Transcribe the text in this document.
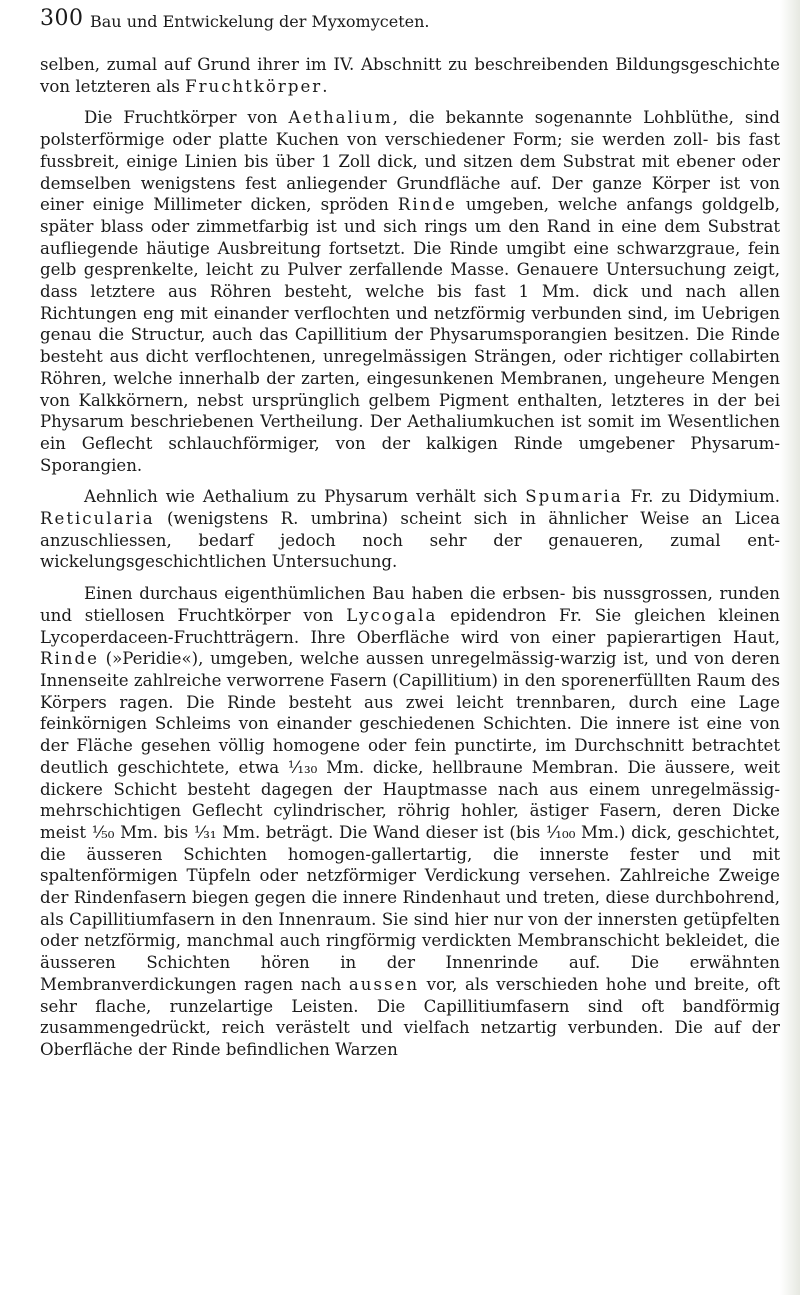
300 Bau und Entwickelung der Myxomyceten.

selben, zumal auf Grund ihrer im IV. Abschnitt zu beschreibenden Bildungsgeschichte von letzteren als Fruchtkörper.

Die Fruchtkörper von Aethalium, die bekannte sogenannte Lohblüthe, sind polsterförmige oder platte Kuchen von verschiedener Form; sie werden zoll- bis fast fussbreit, einige Linien bis über 1 Zoll dick, und sitzen dem Substrat mit ebener oder demselben wenigstens fest anliegender Grundfläche auf. Der ganze Körper ist von einer einige Millimeter dicken, spröden Rinde umgeben, welche anfangs goldgelb, später blass oder zimmetfarbig ist und sich rings um den Rand in eine dem Substrat aufliegende häutige Ausbreitung fortsetzt. Die Rinde umgibt eine schwarzgraue, fein gelb gesprenkelte, leicht zu Pulver zerfallende Masse. Genauere Untersuchung zeigt, dass letztere aus Röhren besteht, welche bis fast 1 Mm. dick und nach allen Richtungen eng mit einander verflochten und netzförmig verbunden sind, im Uebrigen genau die Structur, auch das Capillitium der Physarumsporangien besitzen. Die Rinde besteht aus dicht verflochtenen, unregelmässigen Strängen, oder richtiger collabirten Röhren, welche innerhalb der zarten, eingesunkenen Membranen, ungeheure Mengen von Kalkkörnern, nebst ursprünglich gelbem Pigment enthalten, letzteres in der bei Physarum beschriebenen Vertheilung. Der Aethaliumkuchen ist somit im Wesentlichen ein Geflecht schlauchförmiger, von der kalkigen Rinde umgebener Physarum-Sporangien.

Aehnlich wie Aethalium zu Physarum verhält sich Spumaria Fr. zu Didymium. Reticularia (wenigstens R. umbrina) scheint sich in ähnlicher Weise an Licea anzuschliessen, bedarf jedoch noch sehr der genaueren, zumal entwickelungsgeschichtlichen Untersuchung.

Einen durchaus eigenthümlichen Bau haben die erbsen- bis nussgrossen, runden und stiellosen Fruchtkörper von Lycogala epidendron Fr. Sie gleichen kleinen Lycoperdaceen-Fruchtträgern. Ihre Oberfläche wird von einer papierartigen Haut, Rinde (»Peridie«), umgeben, welche aussen unregelmässig-warzig ist, und von deren Innenseite zahlreiche verworrene Fasern (Capillitium) in den sporenerfüllten Raum des Körpers ragen. Die Rinde besteht aus zwei leicht trennbaren, durch eine Lage feinkörnigen Schleims von einander geschiedenen Schichten. Die innere ist eine von der Fläche gesehen völlig homogene oder fein punctirte, im Durchschnitt betrachtet deutlich geschichtete, etwa ¹⁄₁₃₀ Mm. dicke, hellbraune Membran. Die äussere, weit dickere Schicht besteht dagegen der Hauptmasse nach aus einem unregelmässig-mehrschichtigen Geflecht cylindrischer, röhrig hohler, ästiger Fasern, deren Dicke meist ¹⁄₅₀ Mm. bis ¹⁄₃₁ Mm. beträgt. Die Wand dieser ist (bis ¹⁄₁₀₀ Mm.) dick, geschichtet, die äusseren Schichten homogen-gallertartig, die innerste fester und mit spaltenförmigen Tüpfeln oder netzförmiger Verdickung versehen. Zahlreiche Zweige der Rindenfasern biegen gegen die innere Rindenhaut und treten, diese durchbohrend, als Capillitiumfasern in den Innenraum. Sie sind hier nur von der innersten getüpfelten oder netzförmig, manchmal auch ringförmig verdickten Membranschicht bekleidet, die äusseren Schichten hören in der Innenrinde auf. Die erwähnten Membranverdickungen ragen nach aussen vor, als verschieden hohe und breite, oft sehr flache, runzelartige Leisten. Die Capillitiumfasern sind oft bandförmig zusammengedrückt, reich verästelt und vielfach netzartig verbunden. Die auf der Oberfläche der Rinde befindlichen Warzen
